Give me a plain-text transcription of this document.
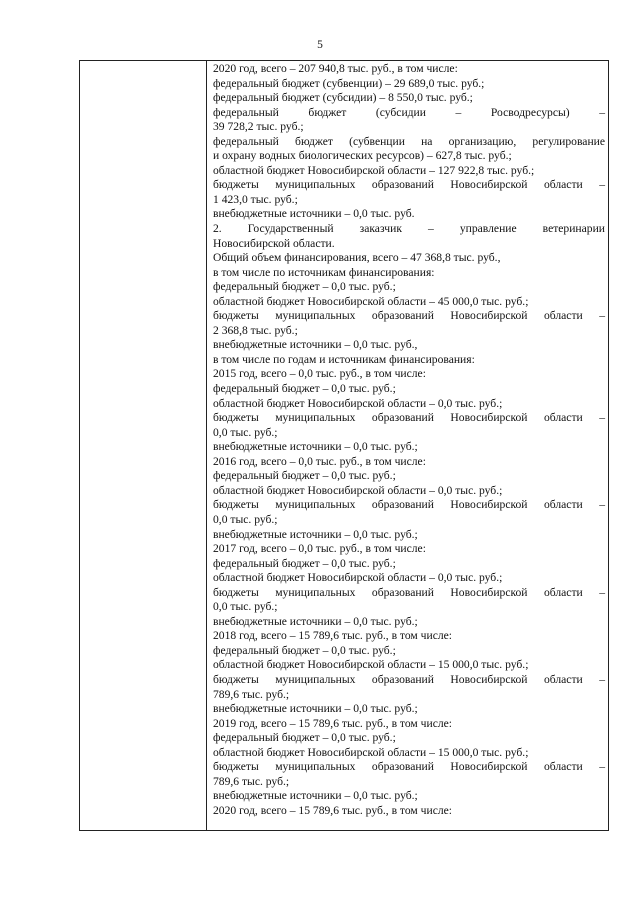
5
2020 год, всего – 207 940,8 тыс. руб., в том числе:
федеральный бюджет (субвенции) – 29 689,0 тыс. руб.;
федеральный бюджет (субсидии) – 8 550,0 тыс. руб.;
федеральный бюджет (субсидии – Росводресурсы) –
39 728,2 тыс. руб.;
федеральный бюджет (субвенции на организацию, регулирование
и охрану водных биологических ресурсов) – 627,8 тыс. руб.;
областной бюджет Новосибирской области – 127 922,8 тыс. руб.;
бюджеты муниципальных образований Новосибирской области –
1 423,0 тыс. руб.;
внебюджетные источники – 0,0 тыс. руб.
2. Государственный заказчик – управление ветеринарии
Новосибирской области.
Общий объем финансирования, всего – 47 368,8 тыс. руб.,
в том числе по источникам финансирования:
федеральный бюджет – 0,0 тыс. руб.;
областной бюджет Новосибирской области – 45 000,0 тыс. руб.;
бюджеты муниципальных образований Новосибирской области –
2 368,8 тыс. руб.;
внебюджетные источники – 0,0 тыс. руб.,
в том числе по годам и источникам финансирования:
2015 год, всего – 0,0 тыс. руб., в том числе:
федеральный бюджет – 0,0 тыс. руб.;
областной бюджет Новосибирской области – 0,0 тыс. руб.;
бюджеты муниципальных образований Новосибирской области –
0,0 тыс. руб.;
внебюджетные источники – 0,0 тыс. руб.;
2016 год, всего – 0,0 тыс. руб., в том числе:
федеральный бюджет – 0,0 тыс. руб.;
областной бюджет Новосибирской области – 0,0 тыс. руб.;
бюджеты муниципальных образований Новосибирской области –
0,0 тыс. руб.;
внебюджетные источники – 0,0 тыс. руб.;
2017 год, всего – 0,0 тыс. руб., в том числе:
федеральный бюджет – 0,0 тыс. руб.;
областной бюджет Новосибирской области – 0,0 тыс. руб.;
бюджеты муниципальных образований Новосибирской области –
0,0 тыс. руб.;
внебюджетные источники – 0,0 тыс. руб.;
2018 год, всего – 15 789,6 тыс. руб., в том числе:
федеральный бюджет – 0,0 тыс. руб.;
областной бюджет Новосибирской области – 15 000,0 тыс. руб.;
бюджеты муниципальных образований Новосибирской области –
789,6 тыс. руб.;
внебюджетные источники – 0,0 тыс. руб.;
2019 год, всего – 15 789,6 тыс. руб., в том числе:
федеральный бюджет – 0,0 тыс. руб.;
областной бюджет Новосибирской области – 15 000,0 тыс. руб.;
бюджеты муниципальных образований Новосибирской области –
789,6 тыс. руб.;
внебюджетные источники – 0,0 тыс. руб.;
2020 год, всего – 15 789,6 тыс. руб., в том числе:
